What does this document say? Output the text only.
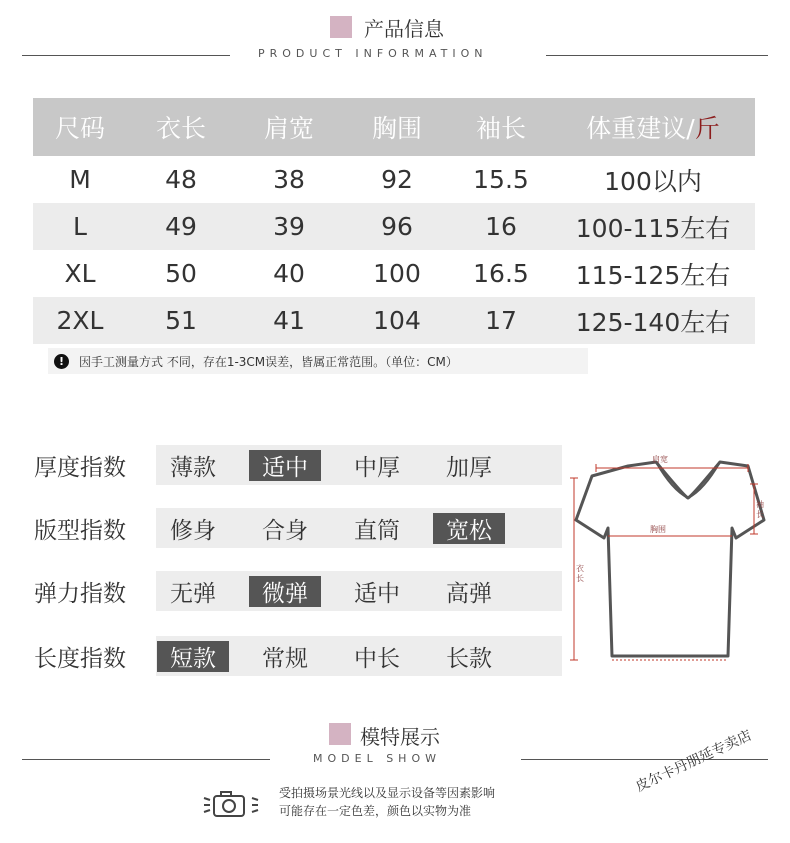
产品信息
PRODUCT INFORMATION
尺码	衣长	肩宽	胸围	袖长	体重建议/斤
M	48	38	92	15.5	100以内
L	49	39	96	16	100-115左右
XL	50	40	100	16.5	115-125左右
2XL	51	41	104	17	125-140左右
!	因手工测量方式 不同，存在1-3CM误差，皆属正常范围。（单位：CM）
厚度指数	薄款	适中	中厚	加厚
版型指数	修身	合身	直筒	宽松
弹力指数	无弹	微弹	适中	高弹
长度指数	短款	常规	中长	长款
肩宽
胸围
袖长
衣长
模特展示
MODEL SHOW
受拍摄场景光线以及显示设备等因素影响
可能存在一定色差，颜色以实物为准
皮尔卡丹朋延专卖店
